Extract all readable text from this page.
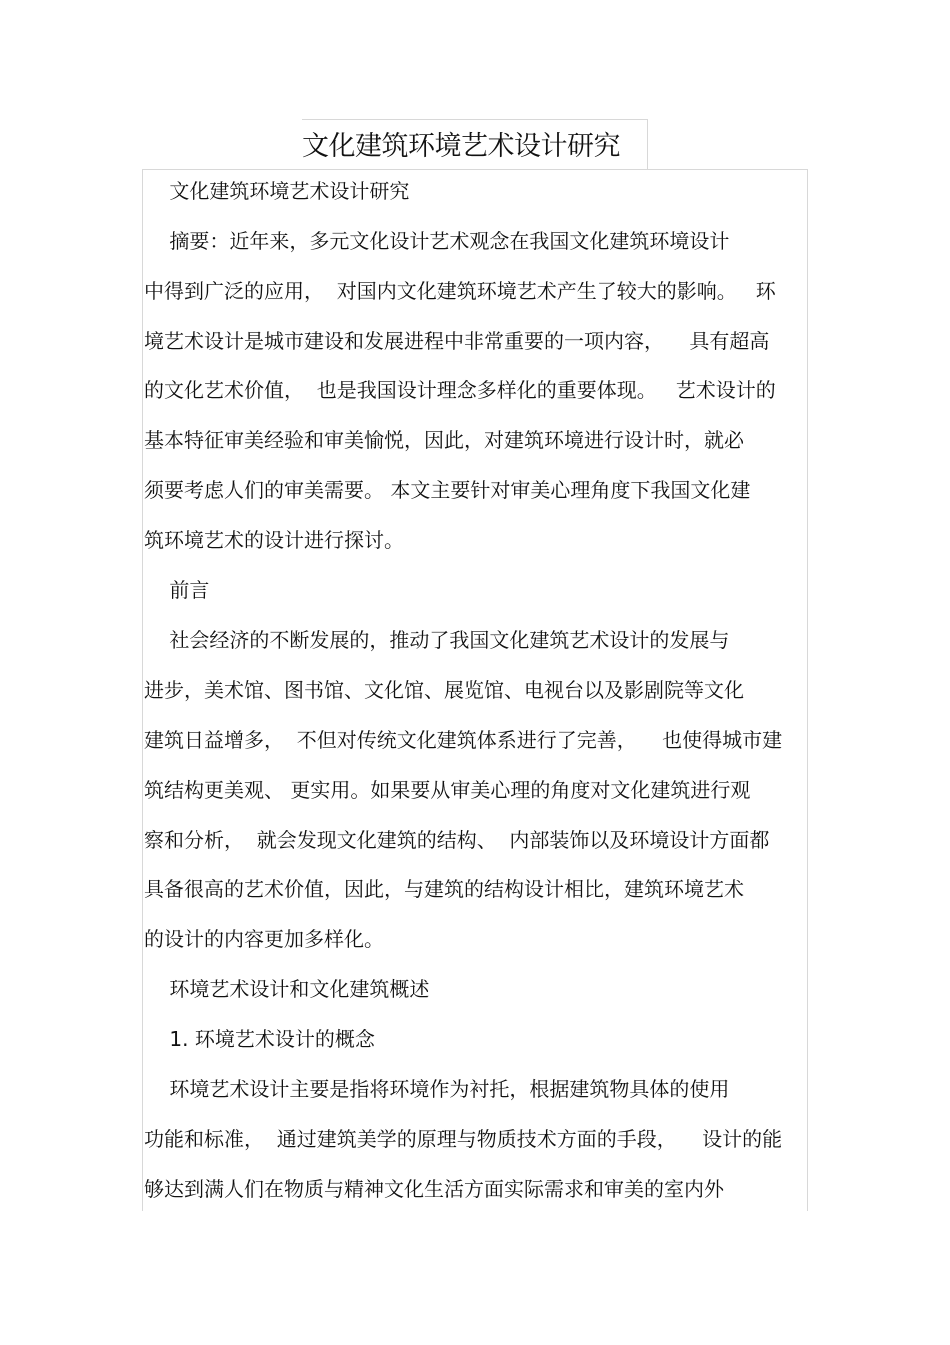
文化建筑环境艺术设计研究
文化建筑环境艺术设计研究
摘要：近年来，多元文化设计艺术观念在我国文化建筑环境设计
中得到广泛的应用，  对国内文化建筑环境艺术产生了较大的影响。   环
境艺术设计是城市建设和发展进程中非常重要的一项内容，    具有超高
的文化艺术价值，  也是我国设计理念多样化的重要体现。   艺术设计的
基本特征审美经验和审美愉悦，因此，对建筑环境进行设计时，就必
须要考虑人们的审美需要。 本文主要针对审美心理角度下我国文化建
筑环境艺术的设计进行探讨。
前言
社会经济的不断发展的，推动了我国文化建筑艺术设计的发展与
进步，美术馆、图书馆、文化馆、展览馆、电视台以及影剧院等文化
建筑日益增多，  不但对传统文化建筑体系进行了完善，    也使得城市建
筑结构更美观、 更实用。如果要从审美心理的角度对文化建筑进行观
察和分析，  就会发现文化建筑的结构、  内部装饰以及环境设计方面都
具备很高的艺术价值，因此，与建筑的结构设计相比，建筑环境艺术
的设计的内容更加多样化。
环境艺术设计和文化建筑概述
1. 环境艺术设计的概念
环境艺术设计主要是指将环境作为衬托，根据建筑物具体的使用
功能和标准，  通过建筑美学的原理与物质技术方面的手段，    设计的能
够达到满人们在物质与精神文化生活方面实际需求和审美的室内外
